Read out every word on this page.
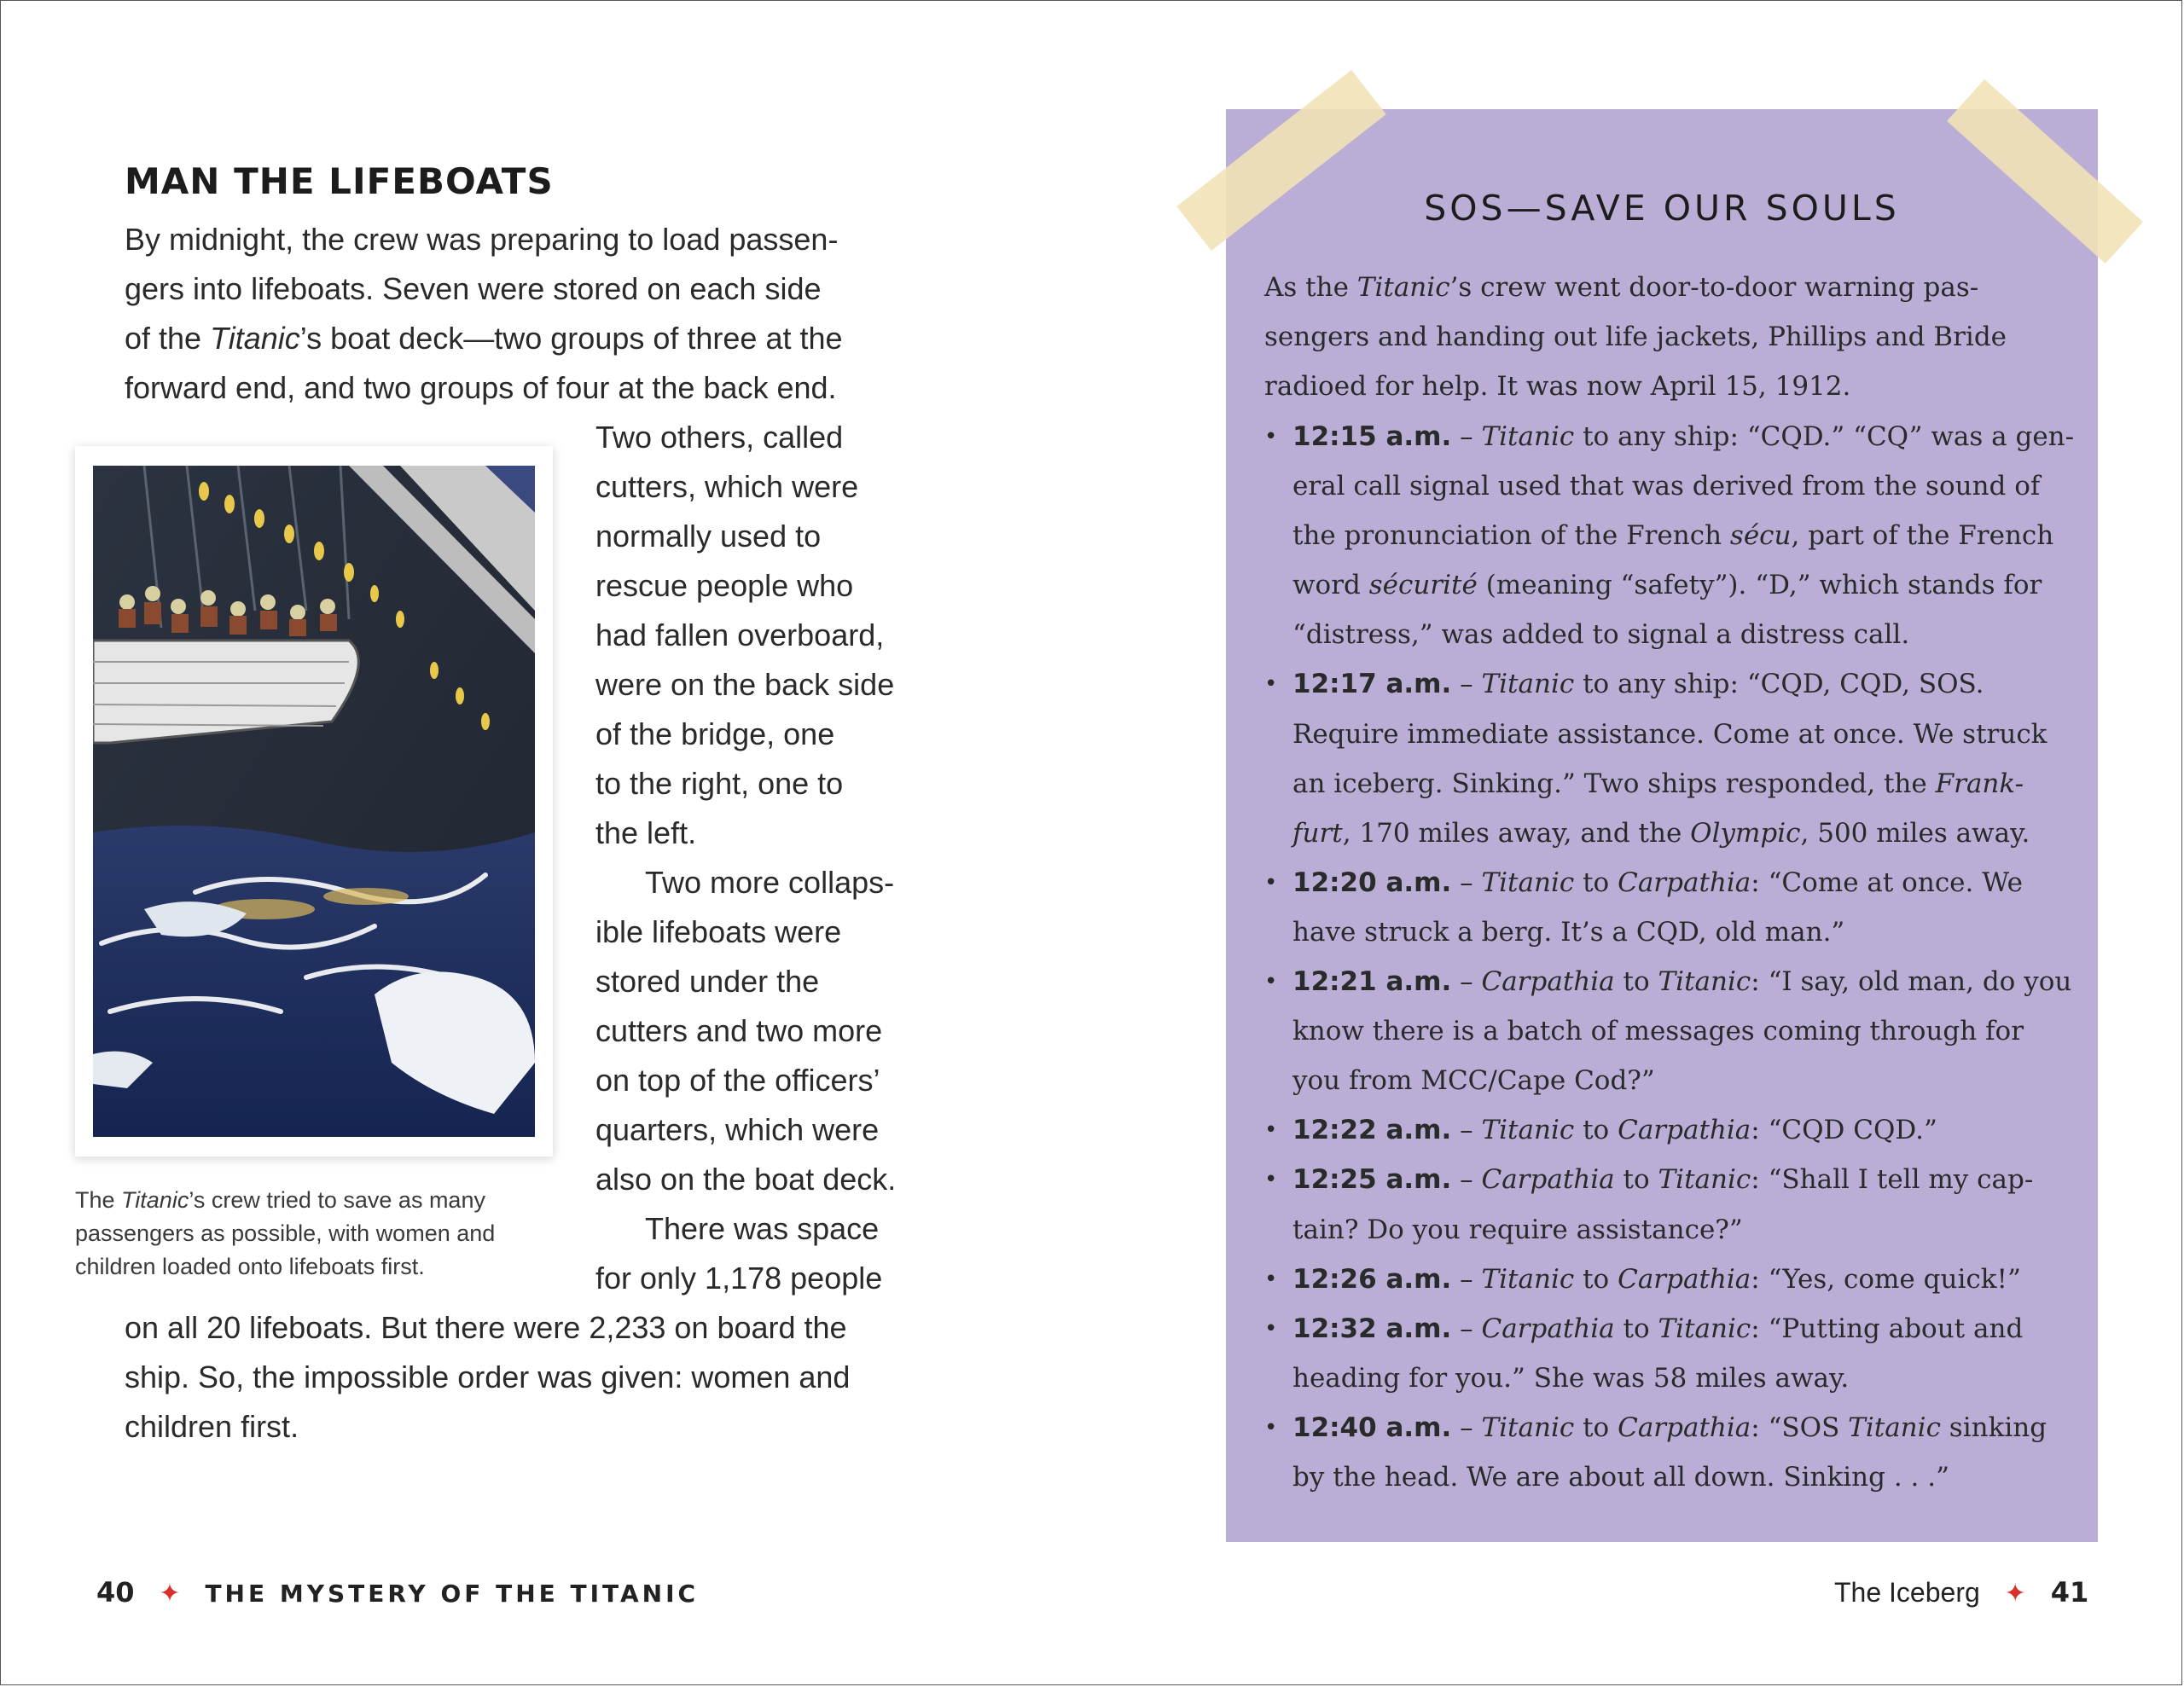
MAN THE LIFEBOATS
By midnight, the crew was preparing to load passen-
gers into lifeboats. Seven were stored on each side
of the Titanic’s boat deck—two groups of three at the
forward end, and two groups of four at the back end.
Two others, called
cutters, which were
normally used to
rescue people who
had fallen overboard,
were on the back side
of the bridge, one
to the right, one to
the left.
Two more collaps-
ible lifeboats were
stored under the
cutters and two more
on top of the officers’
quarters, which were
also on the boat deck.
There was space
for only 1,178 people
on all 20 lifeboats. But there were 2,233 on board the
ship. So, the impossible order was given: women and
children first.
The Titanic’s crew tried to save as many passengers as possible, with women and children loaded onto lifeboats first.
40 ✦ THE MYSTERY OF THE TITANIC
SOS—SAVE OUR SOULS
As the Titanic’s crew went door-to-door warning pas-
sengers and handing out life jackets, Phillips and Bride
radioed for help. It was now April 15, 1912.
• 12:15 a.m. – Titanic to any ship: “CQD.” “CQ” was a gen-
eral call signal used that was derived from the sound of
the pronunciation of the French sécu, part of the French
word sécurité (meaning “safety”). “D,” which stands for
“distress,” was added to signal a distress call.
• 12:17 a.m. – Titanic to any ship: “CQD, CQD, SOS.
Require immediate assistance. Come at once. We struck
an iceberg. Sinking.” Two ships responded, the Frank-
furt, 170 miles away, and the Olympic, 500 miles away.
• 12:20 a.m. – Titanic to Carpathia: “Come at once. We
have struck a berg. It’s a CQD, old man.”
• 12:21 a.m. – Carpathia to Titanic: “I say, old man, do you
know there is a batch of messages coming through for
you from MCC/Cape Cod?”
• 12:22 a.m. – Titanic to Carpathia: “CQD CQD.”
• 12:25 a.m. – Carpathia to Titanic: “Shall I tell my cap-
tain? Do you require assistance?”
• 12:26 a.m. – Titanic to Carpathia: “Yes, come quick!”
• 12:32 a.m. – Carpathia to Titanic: “Putting about and
heading for you.” She was 58 miles away.
• 12:40 a.m. – Titanic to Carpathia: “SOS Titanic sinking
by the head. We are about all down. Sinking . . .”
The Iceberg ✦ 41
